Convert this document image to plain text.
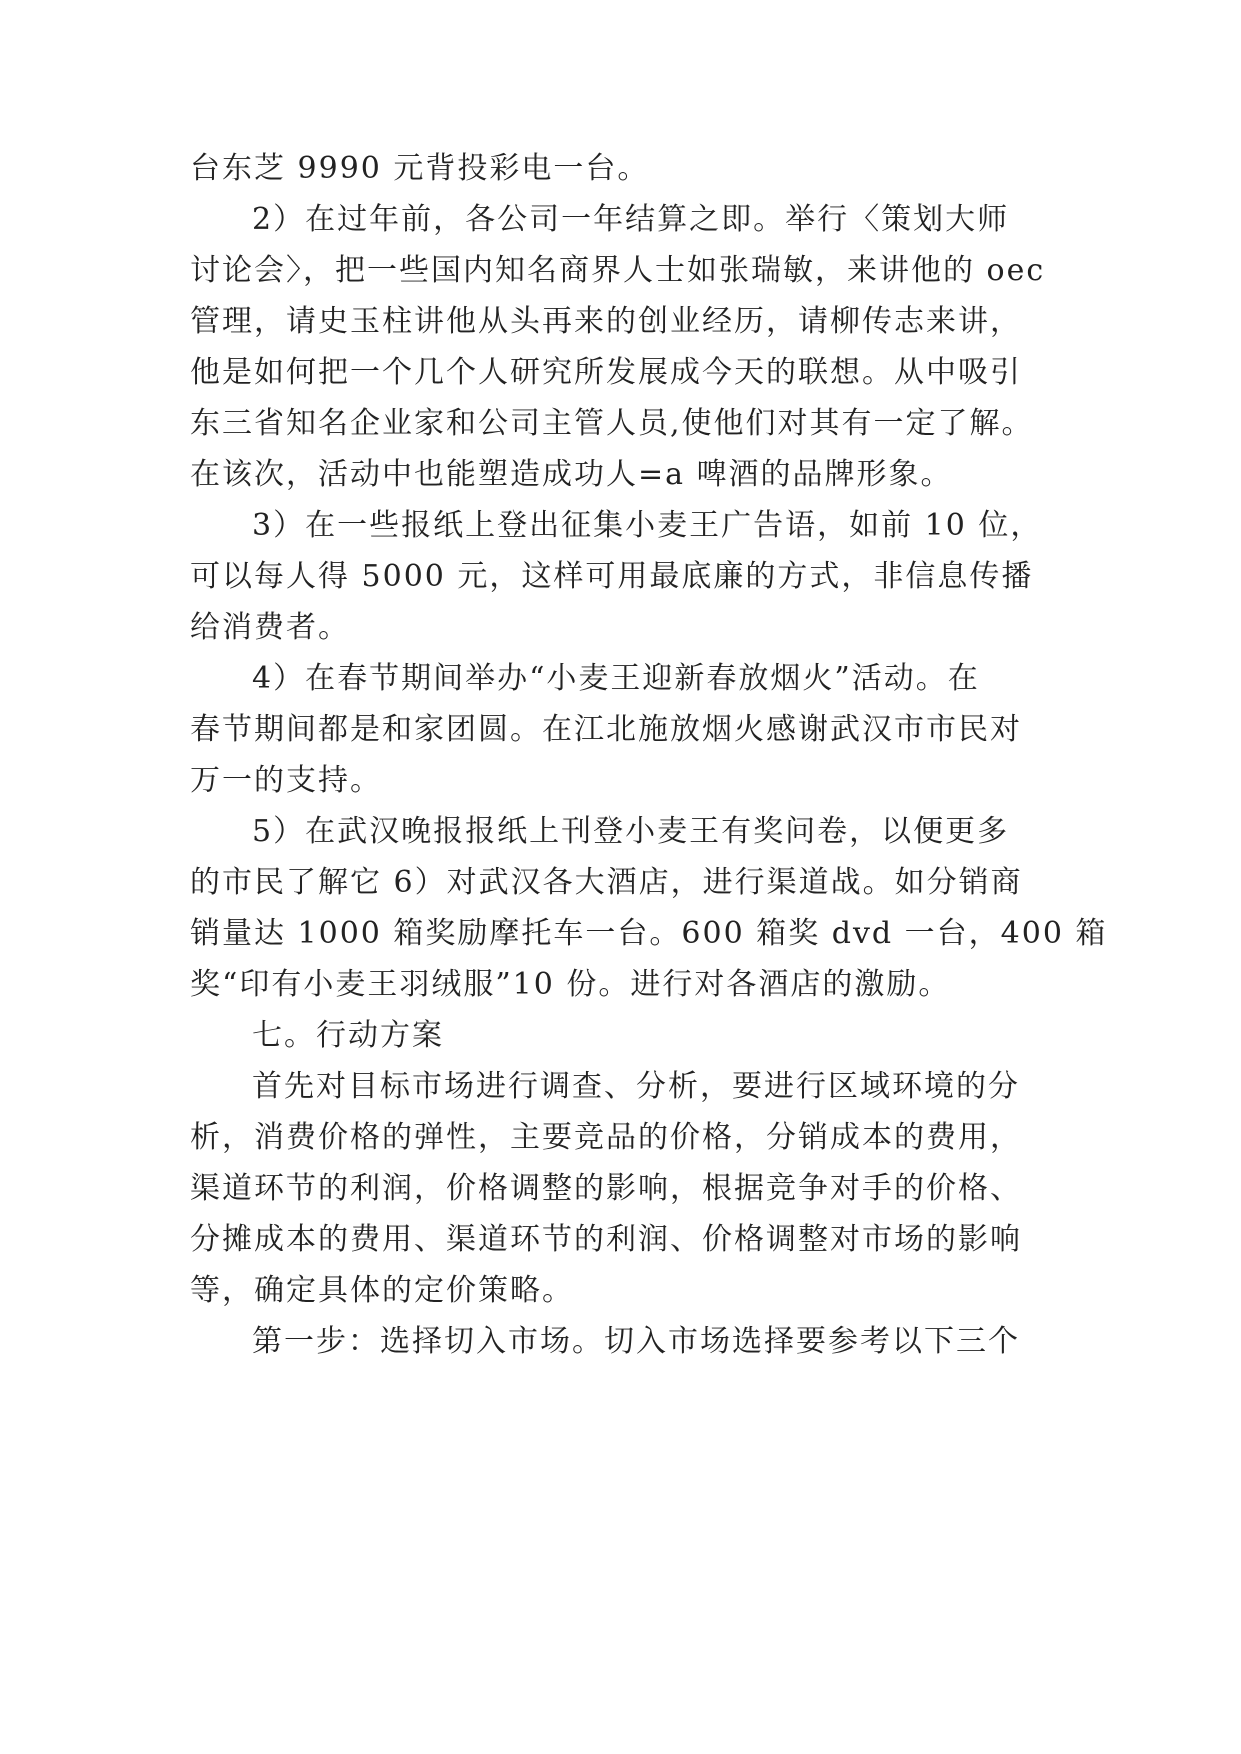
台东芝 9990 元背投彩电一台。
2）在过年前，各公司一年结算之即。举行〈策划大师
讨论会〉，把一些国内知名商界人士如张瑞敏，来讲他的 oec
管理，请史玉柱讲他从头再来的创业经历，请柳传志来讲，
他是如何把一个几个人研究所发展成今天的联想。从中吸引
东三省知名企业家和公司主管人员,使他们对其有一定了解。
在该次，活动中也能塑造成功人=a 啤酒的品牌形象。
3）在一些报纸上登出征集小麦王广告语，如前 10 位，
可以每人得 5000 元，这样可用最底廉的方式，非信息传播
给消费者。
4）在春节期间举办“小麦王迎新春放烟火”活动。在
春节期间都是和家团圆。在江北施放烟火感谢武汉市市民对
万一的支持。
5）在武汉晚报报纸上刊登小麦王有奖问卷，以便更多
的市民了解它 6）对武汉各大酒店，进行渠道战。如分销商
销量达 1000 箱奖励摩托车一台。600 箱奖 dvd 一台，400 箱
奖“印有小麦王羽绒服”10 份。进行对各酒店的激励。
七。行动方案
首先对目标市场进行调查、分析，要进行区域环境的分
析，消费价格的弹性，主要竞品的价格，分销成本的费用，
渠道环节的利润，价格调整的影响，根据竞争对手的价格、
分摊成本的费用、渠道环节的利润、价格调整对市场的影响
等，确定具体的定价策略。
第一步：选择切入市场。切入市场选择要参考以下三个
